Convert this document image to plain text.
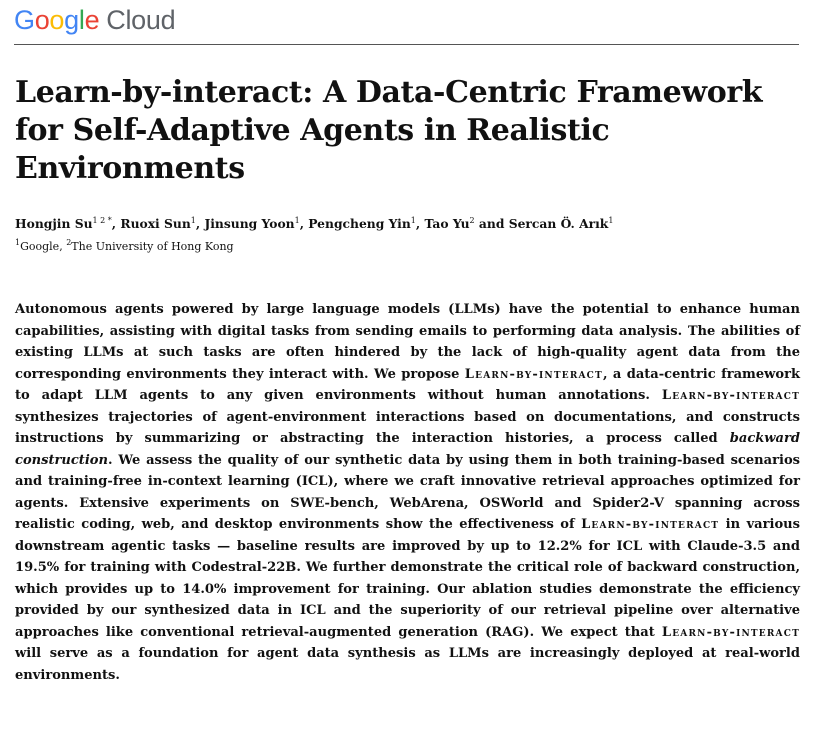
G o o g l e Cloud
Learn-by-interact: A Data-Centric Framework for Self-Adaptive Agents in Realistic Environments
Hongjin $Su^{1 2 *}$, Ruoxi Sun$^1$, Jinsung Yoon$^1$, Pengcheng Yin$^1$, Tao Yu$^2$ and Sercan Ö. Arık$^1$
$^1$Google, $^2$The University of Hong Kong

Autonomous agents powered by large language models (LLMs) have the potential to enhance human capabilities, assisting with digital tasks from sending emails to performing data analysis. The abilities of existing LLMs at such tasks are often hindered by the lack of high-quality agent data from the corresponding environments they interact with. We propose Learn-by-interact, a data-centric framework to adapt LLM agents to any given environments without human annotations. Learn-by-interact synthesizes trajectories of agent-environment interactions based on documentations, and constructs instructions by summarizing or abstracting the interaction histories, a process called backward construction. We assess the quality of our synthetic data by using them in both training-based scenarios and training-free in-context learning (ICL), where we craft innovative retrieval approaches optimized for agents. Extensive experiments on SWE-bench, WebArena, OSWorld and Spider2-V spanning across realistic coding, web, and desktop environments show the effectiveness of Learn-by-interact in various downstream agentic tasks — baseline results are improved by up to 12.2% for ICL with Claude-3.5 and 19.5% for training with Codestral-22B. We further demonstrate the critical role of backward construction, which provides up to 14.0% improvement for training. Our ablation studies demonstrate the efficiency provided by our synthesized data in ICL and the superiority of our retrieval pipeline over alternative approaches like conventional retrieval-augmented generation (RAG). We expect that Learn-by-interact will serve as a foundation for agent data synthesis as LLMs are increasingly deployed at real-world environments.
